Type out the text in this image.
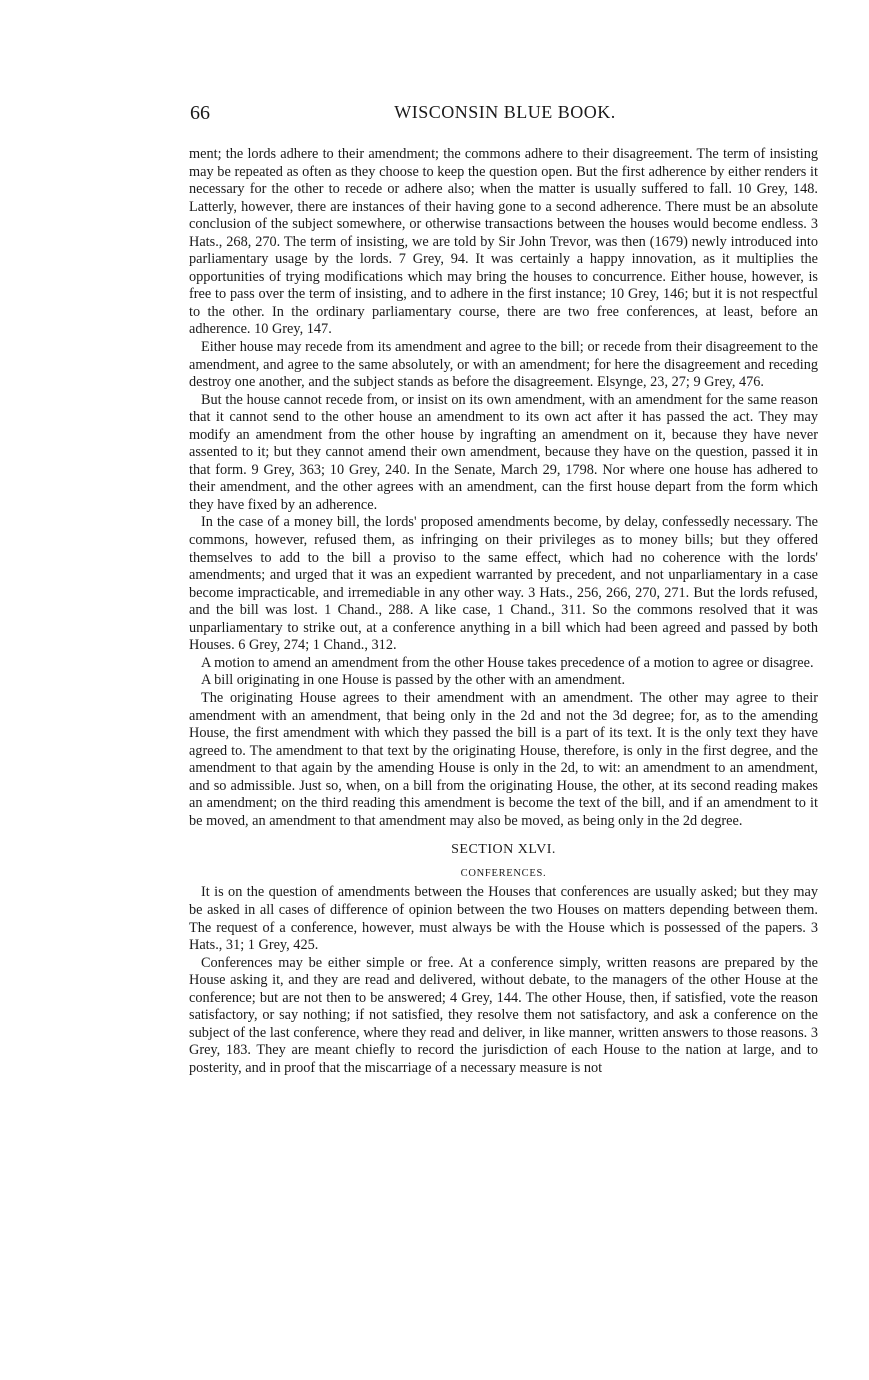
66	WISCONSIN BLUE BOOK.

ment; the lords adhere to their amendment; the commons adhere to their disagreement. The term of insisting may be repeated as often as they choose to keep the question open. But the first adherence by either renders it necessary for the other to recede or adhere also; when the matter is usually suffered to fall. 10 Grey, 148. Latterly, however, there are instances of their having gone to a second adherence. There must be an absolute conclusion of the subject somewhere, or otherwise transactions between the houses would become endless. 3 Hats., 268, 270. The term of insisting, we are told by Sir John Trevor, was then (1679) newly introduced into parliamentary usage by the lords. 7 Grey, 94. It was certainly a happy innovation, as it multiplies the opportunities of trying modifications which may bring the houses to concurrence. Either house, however, is free to pass over the term of insisting, and to adhere in the first instance; 10 Grey, 146; but it is not respectful to the other. In the ordinary parliamentary course, there are two free conferences, at least, before an adherence. 10 Grey, 147.

Either house may recede from its amendment and agree to the bill; or recede from their disagreement to the amendment, and agree to the same absolutely, or with an amendment; for here the disagreement and receding destroy one another, and the subject stands as before the disagreement. Elsynge, 23, 27; 9 Grey, 476.

But the house cannot recede from, or insist on its own amendment, with an amendment for the same reason that it cannot send to the other house an amendment to its own act after it has passed the act. They may modify an amendment from the other house by ingrafting an amendment on it, because they have never assented to it; but they cannot amend their own amendment, because they have on the question, passed it in that form. 9 Grey, 363; 10 Grey, 240. In the Senate, March 29, 1798. Nor where one house has adhered to their amendment, and the other agrees with an amendment, can the first house depart from the form which they have fixed by an adherence.

In the case of a money bill, the lords' proposed amendments become, by delay, confessedly necessary. The commons, however, refused them, as infringing on their privileges as to money bills; but they offered themselves to add to the bill a proviso to the same effect, which had no coherence with the lords' amendments; and urged that it was an expedient warranted by precedent, and not unparliamentary in a case become impracticable, and irremediable in any other way. 3 Hats., 256, 266, 270, 271. But the lords refused, and the bill was lost. 1 Chand., 288. A like case, 1 Chand., 311. So the commons resolved that it was unparliamentary to strike out, at a conference anything in a bill which had been agreed and passed by both Houses. 6 Grey, 274; 1 Chand., 312.

A motion to amend an amendment from the other House takes precedence of a motion to agree or disagree.

A bill originating in one House is passed by the other with an amendment.

The originating House agrees to their amendment with an amendment. The other may agree to their amendment with an amendment, that being only in the 2d and not the 3d degree; for, as to the amending House, the first amendment with which they passed the bill is a part of its text. It is the only text they have agreed to. The amendment to that text by the originating House, therefore, is only in the first degree, and the amendment to that again by the amending House is only in the 2d, to wit: an amendment to an amendment, and so admissible. Just so, when, on a bill from the originating House, the other, at its second reading makes an amendment; on the third reading this amendment is become the text of the bill, and if an amendment to it be moved, an amendment to that amendment may also be moved, as being only in the 2d degree.

SECTION XLVI.
CONFERENCES.

It is on the question of amendments between the Houses that conferences are usually asked; but they may be asked in all cases of difference of opinion between the two Houses on matters depending between them. The request of a conference, however, must always be with the House which is possessed of the papers. 3 Hats., 31; 1 Grey, 425.

Conferences may be either simple or free. At a conference simply, written reasons are prepared by the House asking it, and they are read and delivered, without debate, to the managers of the other House at the conference; but are not then to be answered; 4 Grey, 144. The other House, then, if satisfied, vote the reason satisfactory, or say nothing; if not satisfied, they resolve them not satisfactory, and ask a conference on the subject of the last conference, where they read and deliver, in like manner, written answers to those reasons. 3 Grey, 183. They are meant chiefly to record the jurisdiction of each House to the nation at large, and to posterity, and in proof that the miscarriage of a necessary measure is not
